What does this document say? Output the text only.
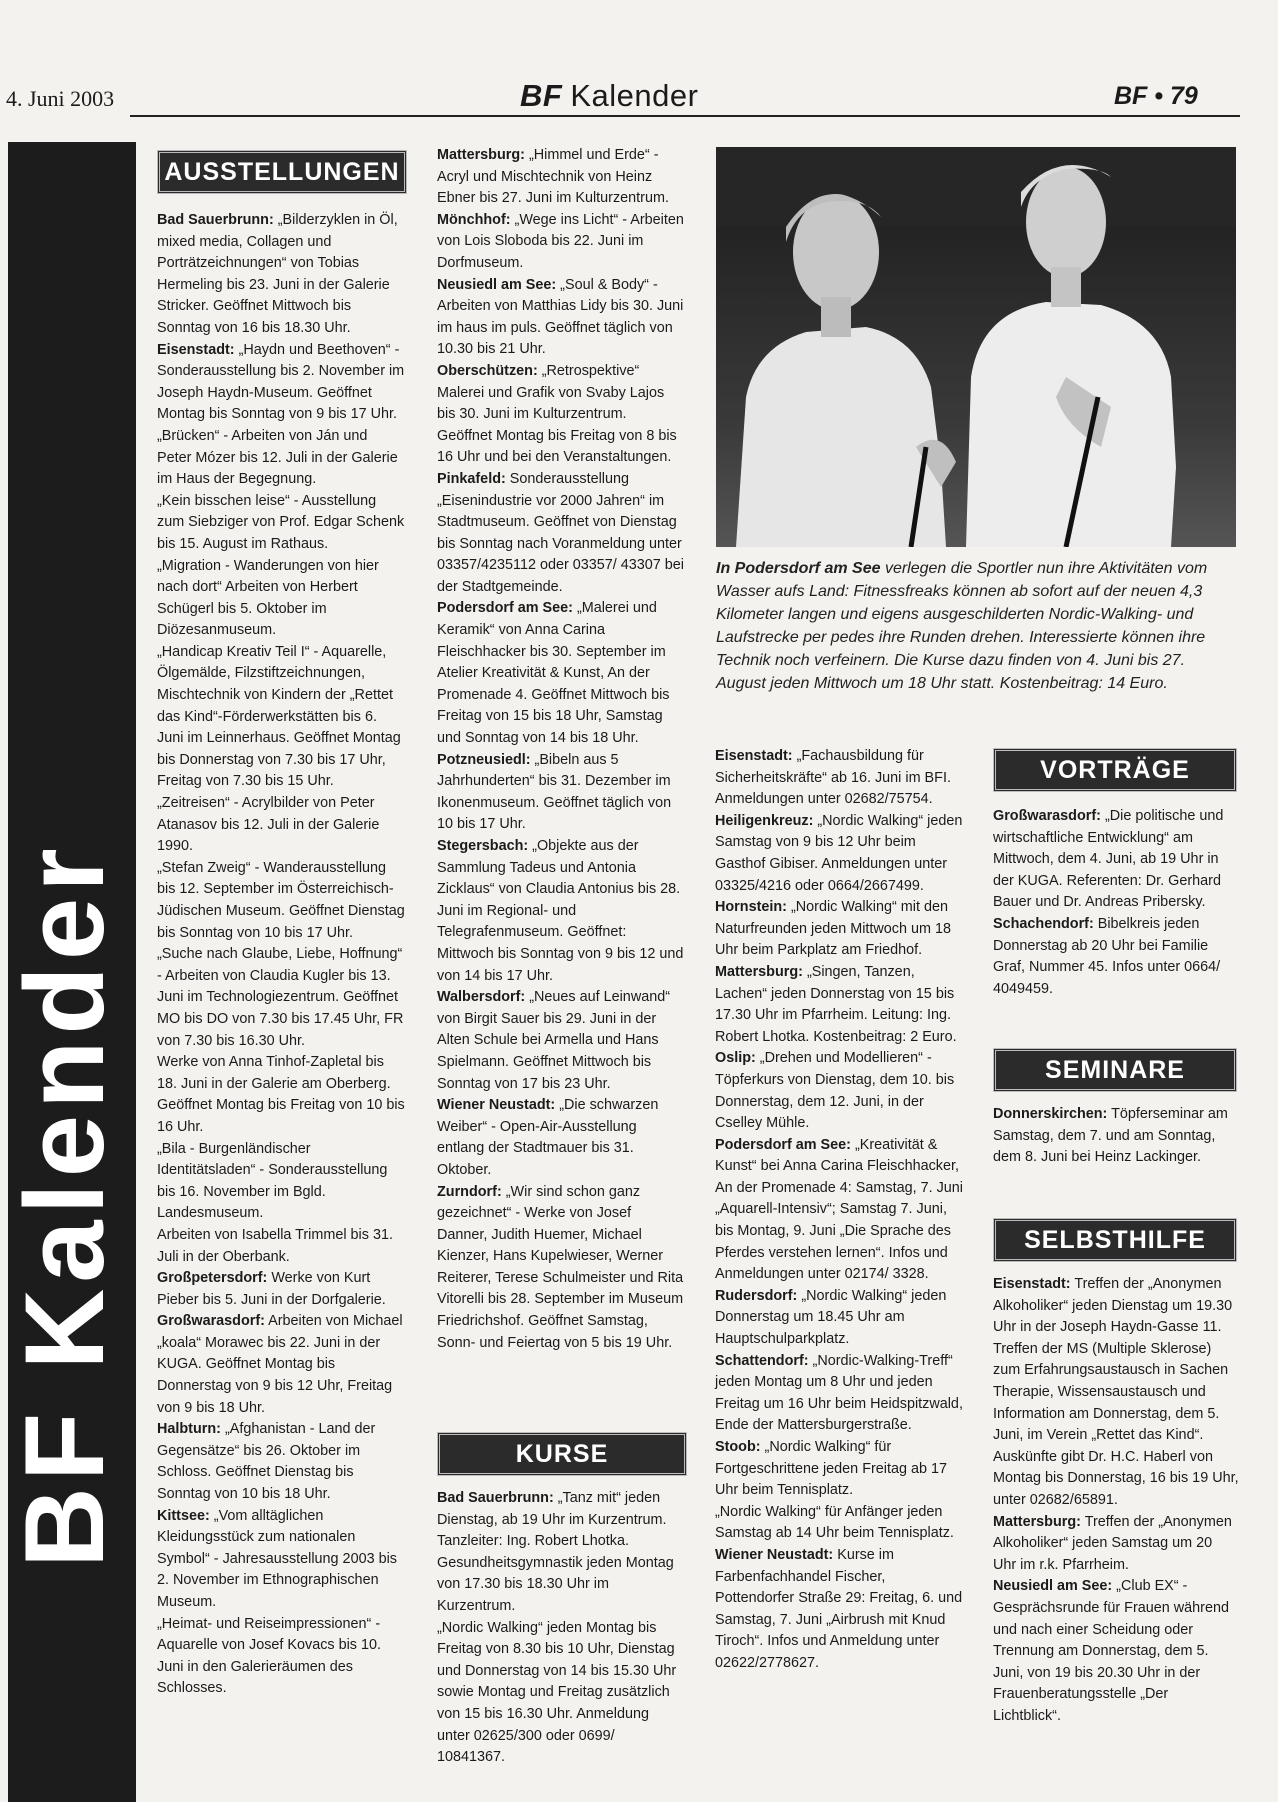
4. Juni 2003	BF Kalender	BF • 79
BF Kalender
AUSSTELLUNGEN
KURSE
VORTRÄGE
SEMINARE
SELBSTHILFE
In Podersdorf am See verlegen die Sportler nun ihre Aktivitäten vom Wasser aufs Land: Fitnessfreaks können ab sofort auf der neuen 4,3 Kilometer langen und eigens ausgeschilderten Nordic-Walking- und Laufstrecke per pedes ihre Runden drehen. Interessierte können ihre Technik noch verfeinern. Die Kurse dazu finden von 4. Juni bis 27. August jeden Mittwoch um 18 Uhr statt. Kostenbeitrag: 14 Euro.

Bad Sauerbrunn: „Bilderzyklen in Öl, mixed media, Collagen und Porträtzeichnungen“ von Tobias Hermeling bis 23. Juni in der Galerie Stricker. Geöffnet Mittwoch bis Sonntag von 16 bis 18.30 Uhr.

Eisenstadt: „Haydn und Beethoven“ - Sonderausstellung bis 2. November im Joseph Haydn-Museum. Geöffnet Montag bis Sonntag von 9 bis 17 Uhr.

„Brücken“ - Arbeiten von Ján und Peter Mózer bis 12. Juli in der Galerie im Haus der Begegnung.

„Kein bisschen leise“ - Ausstellung zum Siebziger von Prof. Edgar Schenk bis 15. August im Rathaus.

„Migration - Wanderungen von hier nach dort“ Arbeiten von Herbert Schügerl bis 5. Oktober im Diözesanmuseum.

„Handicap Kreativ Teil I“ - Aquarelle, Ölgemälde, Filzstiftzeichnungen, Mischtechnik von Kindern der „Rettet das Kind“-Förderwerkstätten bis 6. Juni im Leinnerhaus. Geöffnet Montag bis Donnerstag von 7.30 bis 17 Uhr, Freitag von 7.30 bis 15 Uhr.

„Zeitreisen“ - Acrylbilder von Peter Atanasov bis 12. Juli in der Galerie 1990.

„Stefan Zweig“ - Wanderausstellung bis 12. September im Österreichisch-Jüdischen Museum. Geöffnet Dienstag bis Sonntag von 10 bis 17 Uhr.

„Suche nach Glaube, Liebe, Hoffnung“ - Arbeiten von Claudia Kugler bis 13. Juni im Technologiezentrum. Geöffnet MO bis DO von 7.30 bis 17.45 Uhr, FR von 7.30 bis 16.30 Uhr.

Werke von Anna Tinhof-Zapletal bis 18. Juni in der Galerie am Oberberg. Geöffnet Montag bis Freitag von 10 bis 16 Uhr.

„Bila - Burgenländischer Identitätsladen“ - Sonderausstellung bis 16. November im Bgld. Landesmuseum.

Arbeiten von Isabella Trimmel bis 31. Juli in der Oberbank.

Großpetersdorf: Werke von Kurt Pieber bis 5. Juni in der Dorfgalerie.

Großwarasdorf: Arbeiten von Michael „koala“ Morawec bis 22. Juni in der KUGA. Geöffnet Montag bis Donnerstag von 9 bis 12 Uhr, Freitag von 9 bis 18 Uhr.

Halbturn: „Afghanistan - Land der Gegensätze“ bis 26. Oktober im Schloss. Geöffnet Dienstag bis Sonntag von 10 bis 18 Uhr.

Kittsee: „Vom alltäglichen Kleidungsstück zum nationalen Symbol“ - Jahresausstellung 2003 bis 2. November im Ethnographischen Museum.

„Heimat- und Reiseimpressionen“ - Aquarelle von Josef Kovacs bis 10. Juni in den Galerieräumen des Schlosses.

Mattersburg: „Himmel und Erde“ - Acryl und Mischtechnik von Heinz Ebner bis 27. Juni im Kulturzentrum.

Mönchhof: „Wege ins Licht“ - Arbeiten von Lois Sloboda bis 22. Juni im Dorfmuseum.

Neusiedl am See: „Soul & Body“ - Arbeiten von Matthias Lidy bis 30. Juni im haus im puls. Geöffnet täglich von 10.30 bis 21 Uhr.

Oberschützen: „Retrospektive“ Malerei und Grafik von Svaby Lajos bis 30. Juni im Kulturzentrum. Geöffnet Montag bis Freitag von 8 bis 16 Uhr und bei den Veranstaltungen.

Pinkafeld: Sonderausstellung „Eisenindustrie vor 2000 Jahren“ im Stadtmuseum. Geöffnet von Dienstag bis Sonntag nach Voranmeldung unter 03357/4235112 oder 03357/ 43307 bei der Stadtgemeinde.

Podersdorf am See: „Malerei und Keramik“ von Anna Carina Fleischhacker bis 30. September im Atelier Kreativität & Kunst, An der Promenade 4. Geöffnet Mittwoch bis Freitag von 15 bis 18 Uhr, Samstag und Sonntag von 14 bis 18 Uhr.

Potzneusiedl: „Bibeln aus 5 Jahrhunderten“ bis 31. Dezember im Ikonenmuseum. Geöffnet täglich von 10 bis 17 Uhr.

Stegersbach: „Objekte aus der Sammlung Tadeus und Antonia Zicklaus“ von Claudia Antonius bis 28. Juni im Regional- und Telegrafenmuseum. Geöffnet: Mittwoch bis Sonntag von 9 bis 12 und von 14 bis 17 Uhr.

Walbersdorf: „Neues auf Leinwand“ von Birgit Sauer bis 29. Juni in der Alten Schule bei Armella und Hans Spielmann. Geöffnet Mittwoch bis Sonntag von 17 bis 23 Uhr.

Wiener Neustadt: „Die schwarzen Weiber“ - Open-Air-Ausstellung entlang der Stadtmauer bis 31. Oktober.

Zurndorf: „Wir sind schon ganz gezeichnet“ - Werke von Josef Danner, Judith Huemer, Michael Kienzer, Hans Kupelwieser, Werner Reiterer, Terese Schulmeister und Rita Vitorelli bis 28. September im Museum Friedrichshof. Geöffnet Samstag, Sonn- und Feiertag von 5 bis 19 Uhr.

Bad Sauerbrunn: „Tanz mit“ jeden Dienstag, ab 19 Uhr im Kurzentrum. Tanzleiter: Ing. Robert Lhotka.

Gesundheitsgymnastik jeden Montag von 17.30 bis 18.30 Uhr im Kurzentrum.

„Nordic Walking“ jeden Montag bis Freitag von 8.30 bis 10 Uhr, Dienstag und Donnerstag von 14 bis 15.30 Uhr sowie Montag und Freitag zusätzlich von 15 bis 16.30 Uhr. Anmeldung unter 02625/300 oder 0699/ 10841367.

Eisenstadt: „Fachausbildung für Sicherheitskräfte“ ab 16. Juni im BFI. Anmeldungen unter 02682/75754.

Heiligenkreuz: „Nordic Walking“ jeden Samstag von 9 bis 12 Uhr beim Gasthof Gibiser. Anmeldungen unter 03325/4216 oder 0664/2667499.

Hornstein: „Nordic Walking“ mit den Naturfreunden jeden Mittwoch um 18 Uhr beim Parkplatz am Friedhof.

Mattersburg: „Singen, Tanzen, Lachen“ jeden Donnerstag von 15 bis 17.30 Uhr im Pfarrheim. Leitung: Ing. Robert Lhotka. Kostenbeitrag: 2 Euro.

Oslip: „Drehen und Modellieren“ - Töpferkurs von Dienstag, dem 10. bis Donnerstag, dem 12. Juni, in der Cselley Mühle.

Podersdorf am See: „Kreativität & Kunst“ bei Anna Carina Fleischhacker, An der Promenade 4: Samstag, 7. Juni „Aquarell-Intensiv“; Samstag 7. Juni, bis Montag, 9. Juni „Die Sprache des Pferdes verstehen lernen“. Infos und Anmeldungen unter 02174/ 3328.

Rudersdorf: „Nordic Walking“ jeden Donnerstag um 18.45 Uhr am Hauptschulparkplatz.

Schattendorf: „Nordic-Walking-Treff“ jeden Montag um 8 Uhr und jeden Freitag um 16 Uhr beim Heidspitzwald, Ende der Mattersburgerstraße.

Stoob: „Nordic Walking“ für Fortgeschrittene jeden Freitag ab 17 Uhr beim Tennisplatz.

„Nordic Walking“ für Anfänger jeden Samstag ab 14 Uhr beim Tennisplatz.

Wiener Neustadt: Kurse im Farbenfachhandel Fischer, Pottendorfer Straße 29: Freitag, 6. und Samstag, 7. Juni „Airbrush mit Knud Tiroch“. Infos und Anmeldung unter 02622/2778627.

Großwarasdorf: „Die politische und wirtschaftliche Entwicklung“ am Mittwoch, dem 4. Juni, ab 19 Uhr in der KUGA. Referenten: Dr. Gerhard Bauer und Dr. Andreas Pribersky.

Schachendorf: Bibelkreis jeden Donnerstag ab 20 Uhr bei Familie Graf, Nummer 45. Infos unter 0664/ 4049459.

Donnerskirchen: Töpferseminar am Samstag, dem 7. und am Sonntag, dem 8. Juni bei Heinz Lackinger.

Eisenstadt: Treffen der „Anonymen Alkoholiker“ jeden Dienstag um 19.30 Uhr in der Joseph Haydn-Gasse 11.

Treffen der MS (Multiple Sklerose) zum Erfahrungsaustausch in Sachen Therapie, Wissensaustausch und Information am Donnerstag, dem 5. Juni, im Verein „Rettet das Kind“. Auskünfte gibt Dr. H.C. Haberl von Montag bis Donnerstag, 16 bis 19 Uhr, unter 02682/65891.

Mattersburg: Treffen der „Anonymen Alkoholiker“ jeden Samstag um 20 Uhr im r.k. Pfarrheim.

Neusiedl am See: „Club EX“ - Gesprächsrunde für Frauen während und nach einer Scheidung oder Trennung am Donnerstag, dem 5. Juni, von 19 bis 20.30 Uhr in der Frauenberatungsstelle „Der Lichtblick“.
